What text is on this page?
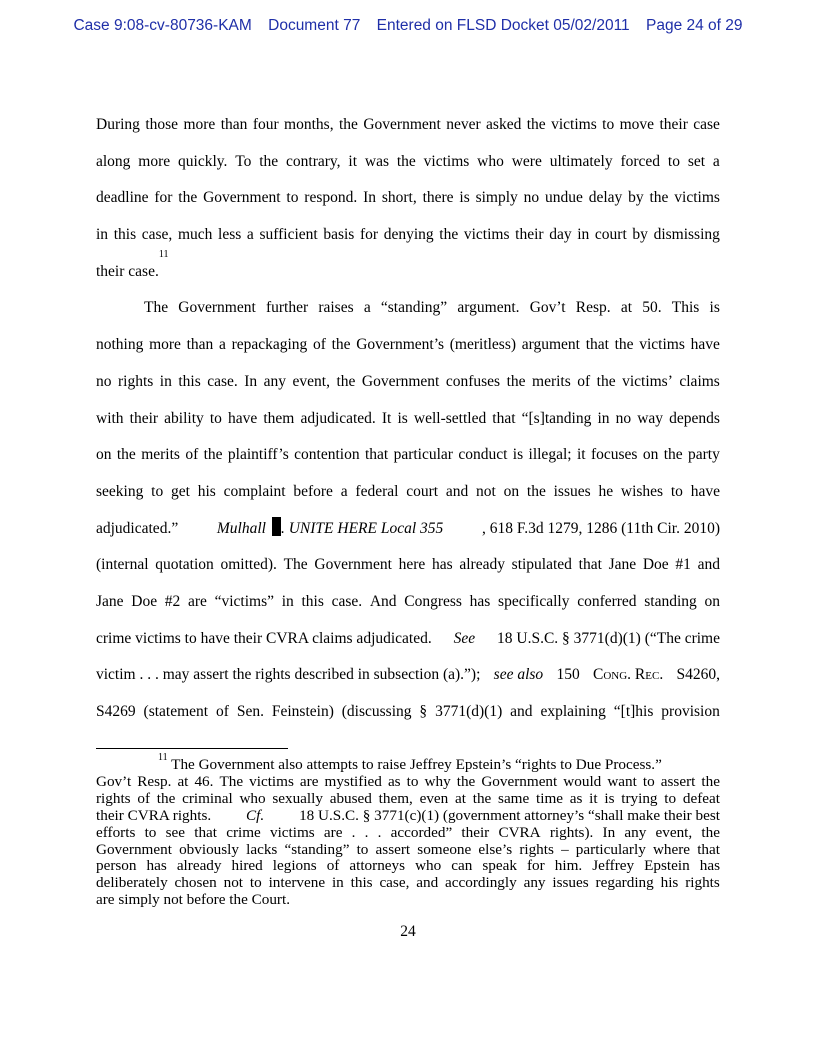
Case 9:08-cv-80736-KAM Document 77 Entered on FLSD Docket 05/02/2011 Page 24 of 29
During those more than four months, the Government never asked the victims to move their case
along more quickly. To the contrary, it was the victims who were ultimately forced to set a
deadline for the Government to respond. In short, there is simply no undue delay by the victims
in this case, much less a sufficient basis for denying the victims their day in court by dismissing
their case.
$^{11}$
The Government further raises a “standing” argument. Gov’t Resp. at 50. This is
nothing more than a repackaging of the Government’s (meritless) argument that the victims have
no rights in this case. In any event, the Government confuses the merits of the victims’ claims
with their ability to have them adjudicated. It is well-settled that “[s]tanding in no way depends
on the merits of the plaintiff’s contention that particular conduct is illegal; it focuses on the party
seeking to get his complaint before a federal court and not on the issues he wishes to have
adjudicated.” Mulhall . UNITE HERE Local 355 , 618 F.3d 1279, 1286 (11th Cir. 2010)
(internal quotation omitted). The Government here has already stipulated that Jane Doe #1 and
Jane Doe #2 are “victims” in this case. And Congress has specifically conferred standing on
crime victims to have their CVRA claims adjudicated. See 18 U.S.C. § 3771(d)(1) (“The crime
victim . . . may assert the rights described in subsection (a).”); see also 150 Cong. Rec. S4260,
S4269 (statement of Sen. Feinstein) (discussing § 3771(d)(1) and explaining “[t]his provision
$^{11}$ The Government also attempts to raise Jeffrey Epstein’s “rights to Due Process.”
Gov’t Resp. at 46. The victims are mystified as to why the Government would want to assert the
rights of the criminal who sexually abused them, even at the same time as it is trying to defeat
their CVRA rights. Cf. 18 U.S.C. § 3771(c)(1) (government attorney’s “shall make their best
efforts to see that crime victims are . . . accorded” their CVRA rights). In any event, the
Government obviously lacks “standing” to assert someone else’s rights – particularly where that
person has already hired legions of attorneys who can speak for him. Jeffrey Epstein has
deliberately chosen not to intervene in this case, and accordingly any issues regarding his rights
are simply not before the Court.
24
